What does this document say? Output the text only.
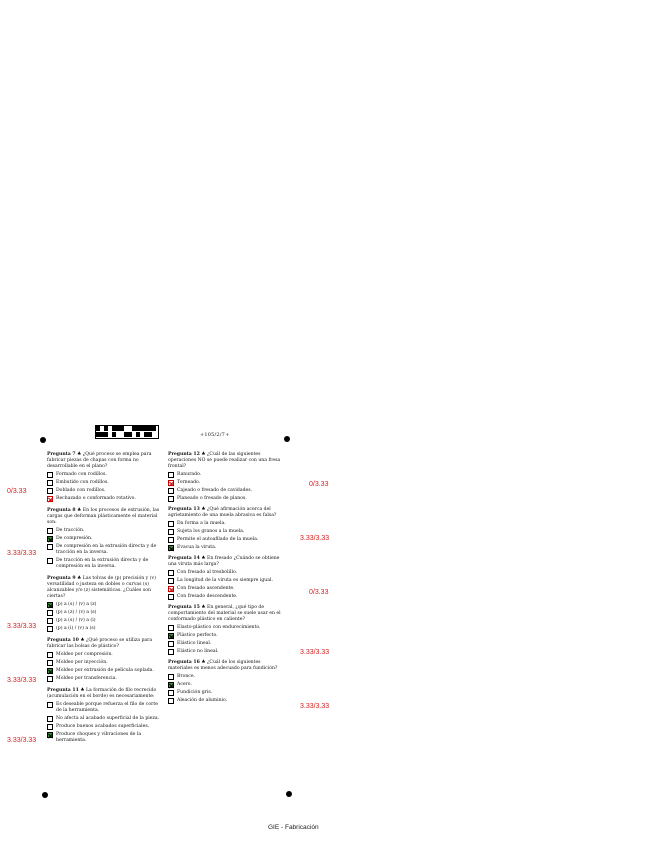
+105/2/7+
Pregunta 7 ♣ ¿Qué proceso se emplea para fabricar piezas de chapas con forma no desarrollable en el plano?
Formado con rodillos.
Embutido con rodillos.
Doblado con rodillos.
Rechazado o conformado rotativo.
Pregunta 8 ♣ En los procesos de extrusión, las cargas que deforman plásticamente el material son:
De tracción.
De compresión.
De compresión en la extrusión directa y de tracción en la inversa.
De tracción en la extrusión directa y de compresión en la inversa.
Pregunta 9 ♣ Las tolvas de (p) precisión y (v) versatilidad o justeza en dobles o curvas (s) alcanzables y/o (z) sistemáticas. ¿Cuáles son ciertas?
(p) a (s) / (v) a (z)
(p) a (z) / (v) a (s)
(p) a (s) / (v) a (i)
(p) a (i) / (v) a (s)
Pregunta 10 ♣ ¿Qué proceso se utiliza para fabricar las bolsas de plástico?
Moldeo por compresión.
Moldeo por inyección.
Moldeo por extrusión de película soplada.
Moldeo por transferencia.
Pregunta 11 ♣ La formación de filo recrecido (acumulación en el borde) es necesariamente:
Es deseable porque refuerza el filo de corte de la herramienta.
No afecta al acabado superficial de la pieza.
Produce buenos acabados superficiales.
Produce choques y vibraciones de la herramienta.
Pregunta 12 ♣ ¿Cuál de las siguientes operaciones NO se puede realizar con una fresa frontal?
Ranurado.
Torneado.
Cajeado o fresado de cavidades.
Planeado o fresado de planos.
Pregunta 13 ♣ ¿Qué afirmación acerca del agrietamiento de una muela abrasiva es falsa?
Da forma a la muela.
Sujeta los granos a la muela.
Permite el autoafilado de la muela.
Evacua la viruta.
Pregunta 14 ♣ En fresado ¿Cuándo se obtiene una viruta más larga?
Con fresado al tresbolillo.
La longitud de la viruta es siempre igual.
Con fresado ascendente.
Con fresado descendente.
Pregunta 15 ♣ En general, ¿qué tipo de comportamiento del material se suele usar en el conformado plástico en caliente?
Elasto-plástico con endurecimiento.
Plástico perfecto.
Elástico lineal.
Elástico no lineal.
Pregunta 16 ♣ ¿Cuál de los siguientes materiales es menos adecuado para fundición?
Bronce.
Acero.
Fundición gris.
Aleación de aluminio.
0/3.33
0/3.33
3.33/3.33
3.33/3.33
3.33/3.33
0/3.33
3.33/3.33
3.33/3.33
3.33/3.33
3.33/3.33
GIE - Fabricación
